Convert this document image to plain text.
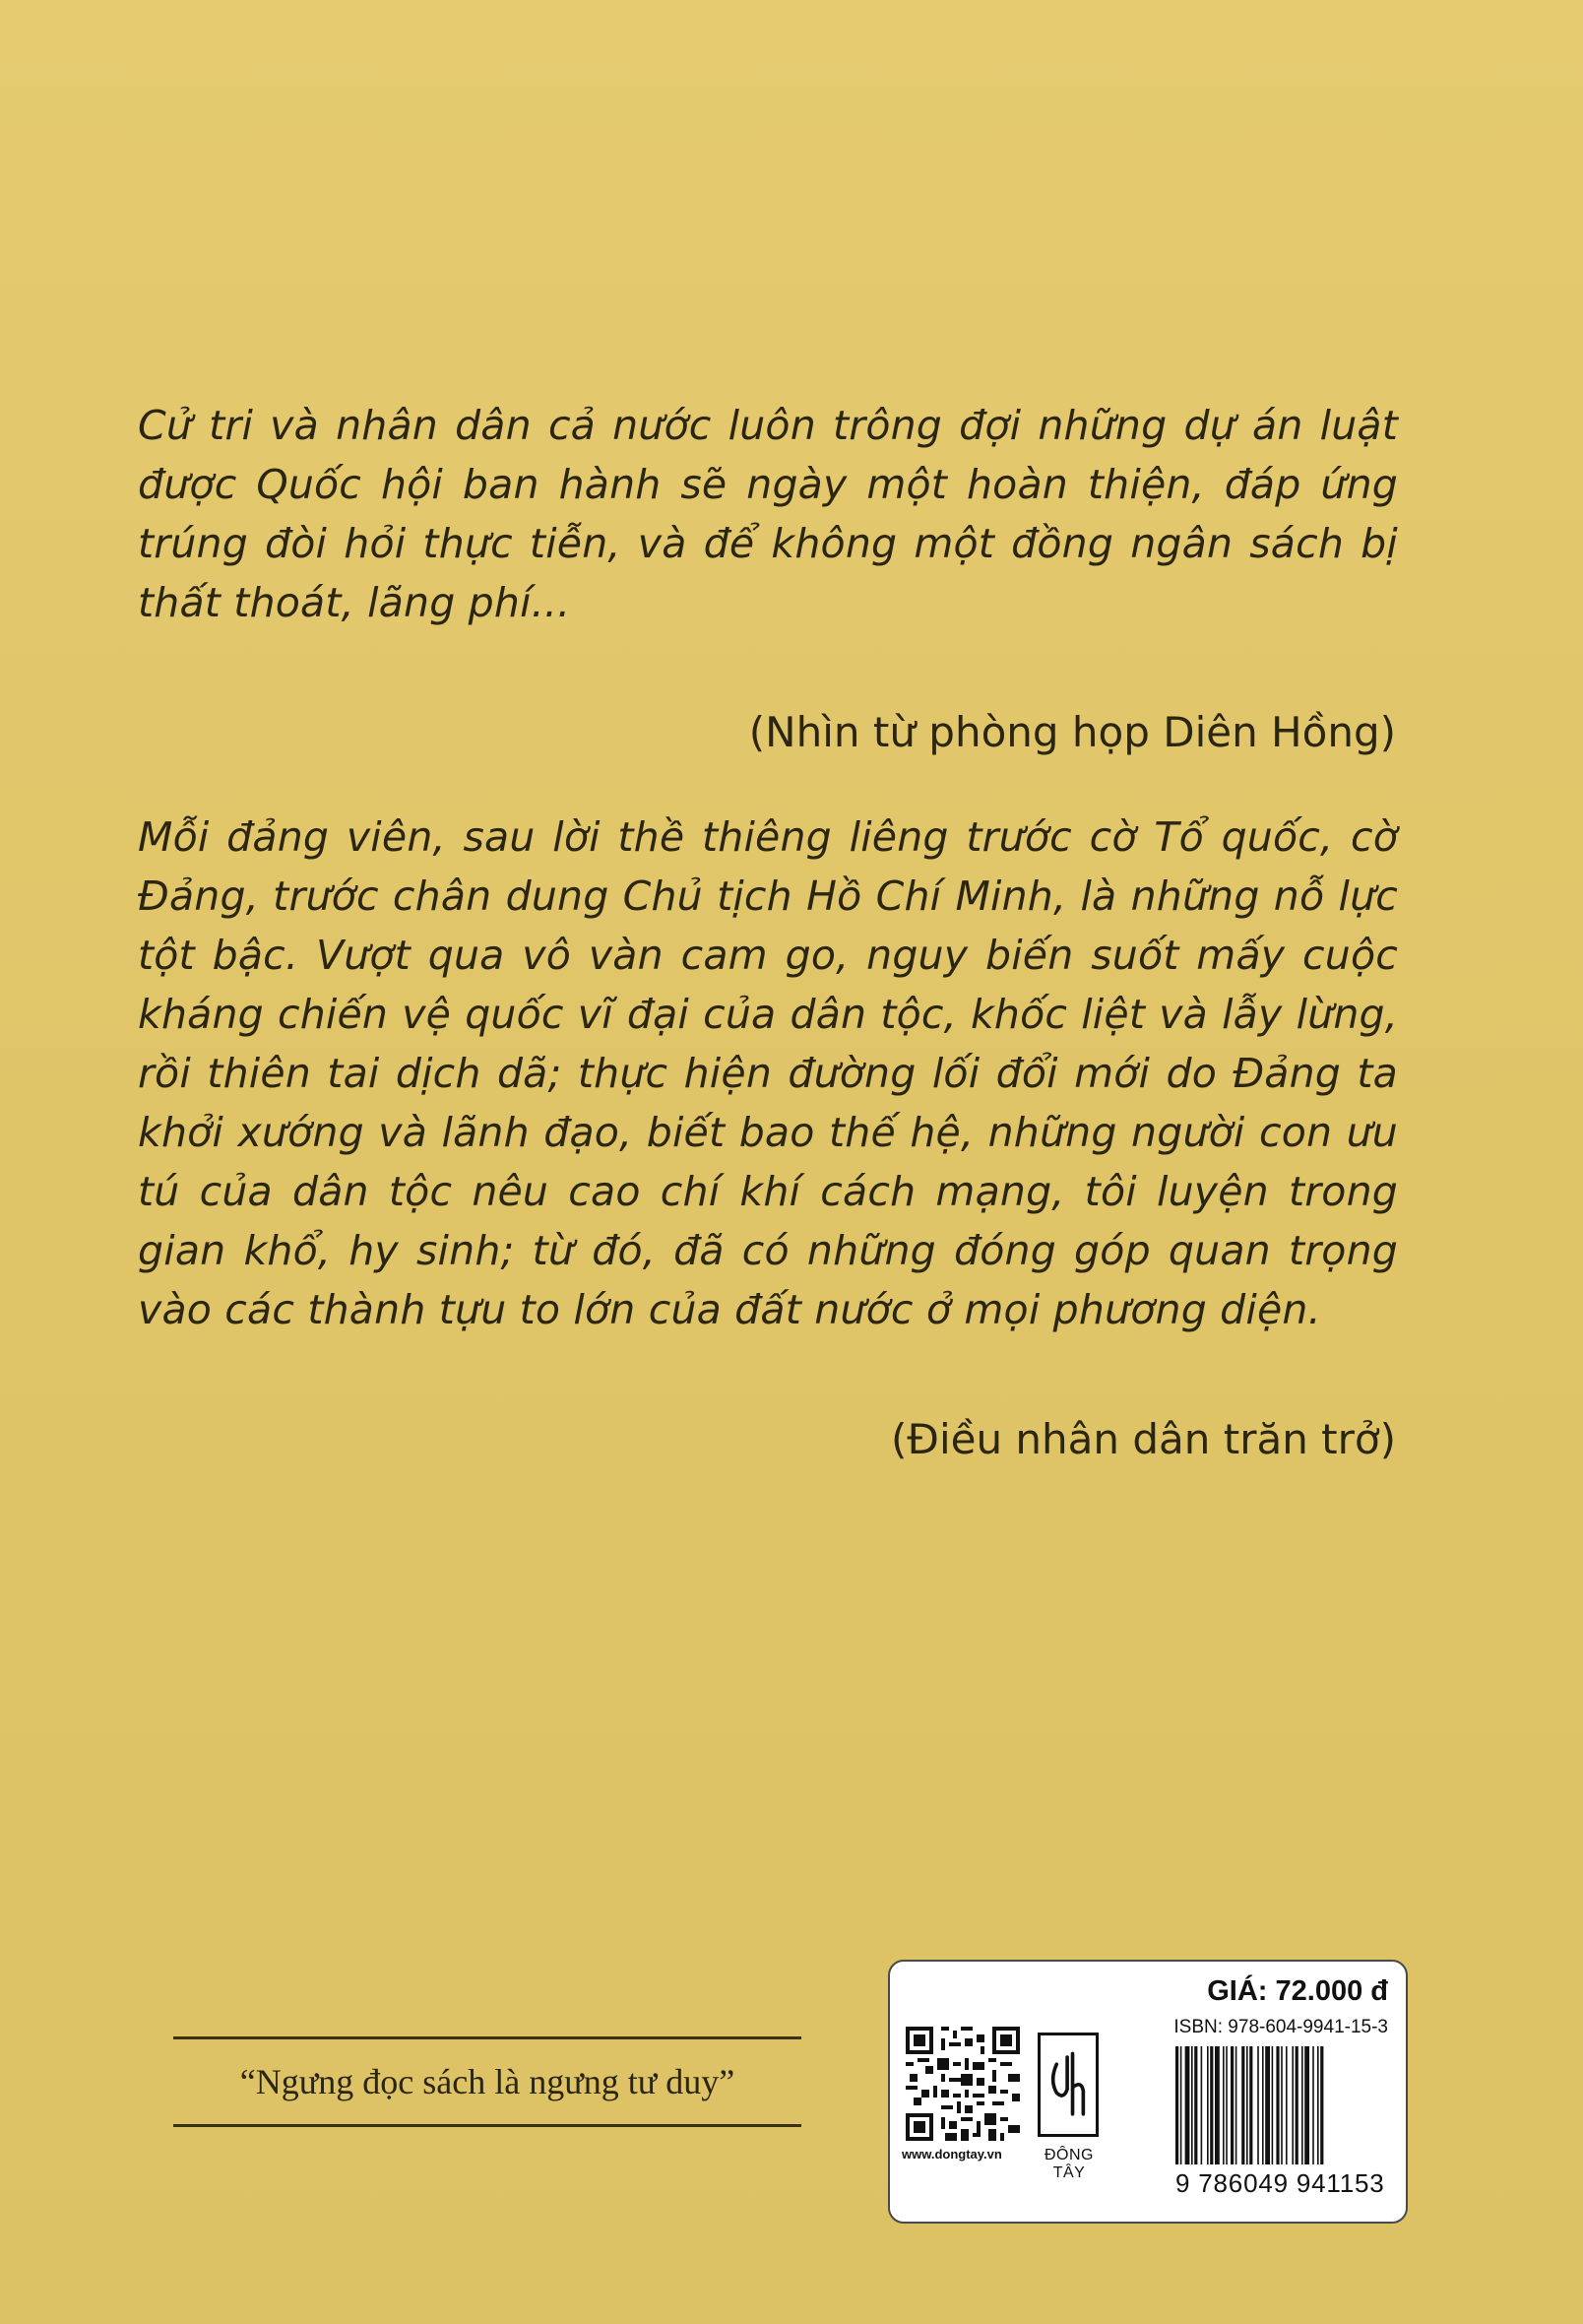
Cử tri và nhân dân cả nước luôn trông đợi những dự án luật được Quốc hội ban hành sẽ ngày một hoàn thiện, đáp ứng trúng đòi hỏi thực tiễn, và để không một đồng ngân sách bị thất thoát, lãng phí...

(Nhìn từ phòng họp Diên Hồng)

Mỗi đảng viên, sau lời thề thiêng liêng trước cờ Tổ quốc, cờ Đảng, trước chân dung Chủ tịch Hồ Chí Minh, là những nỗ lực tột bậc. Vượt qua vô vàn cam go, nguy biến suốt mấy cuộc kháng chiến vệ quốc vĩ đại của dân tộc, khốc liệt và lẫy lừng, rồi thiên tai dịch dã; thực hiện đường lối đổi mới do Đảng ta khởi xướng và lãnh đạo, biết bao thế hệ, những người con ưu tú của dân tộc nêu cao chí khí cách mạng, tôi luyện trong gian khổ, hy sinh; từ đó, đã có những đóng góp quan trọng vào các thành tựu to lớn của đất nước ở mọi phương diện.

(Điều nhân dân trăn trở)

“Ngưng đọc sách là ngưng tư duy”
GIÁ: 72.000 đ
ISBN: 978-604-9941-15-3
www.dongtay.vn	ĐÔNG TÂY	9 786049 941153
